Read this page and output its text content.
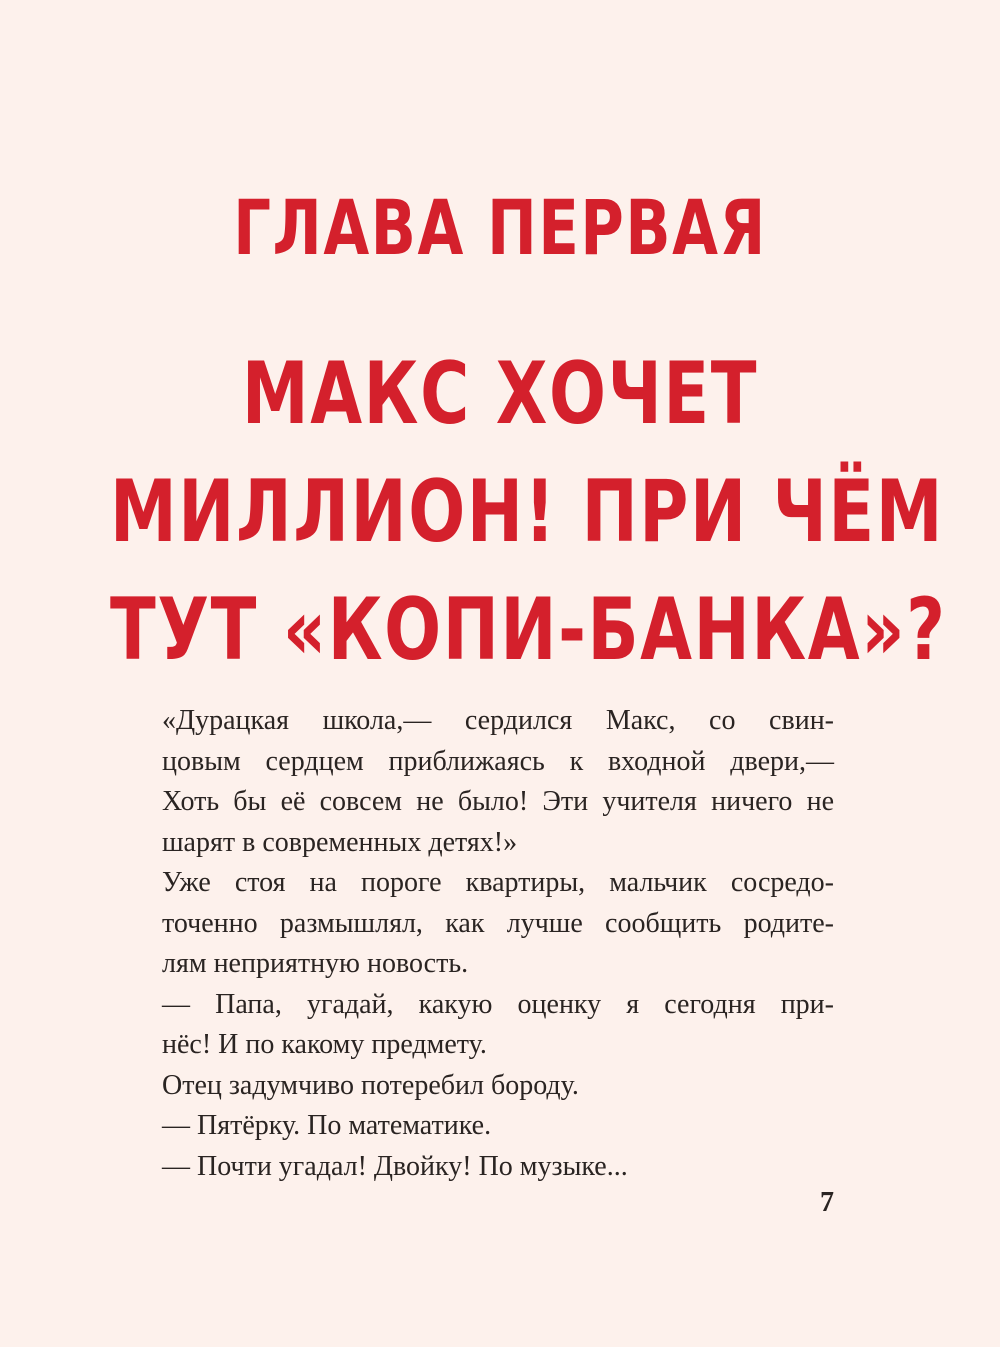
ГЛАВА ПЕРВАЯ
МАКС ХОЧЕТ
МИЛЛИОН! ПРИ ЧЁМ
ТУТ «КОПИ-БАНКА»?

«Дурацкая школа,— сердился Макс, со свин-
цовым сердцем приближаясь к входной двери,—
Хоть бы её совсем не было! Эти учителя ничего не
шарят в современных детях!»

Уже стоя на пороге квартиры, мальчик сосредо-
точенно размышлял, как лучше сообщить родите-
лям неприятную новость.

— Папа, угадай, какую оценку я сегодня при-
нёс! И по какому предмету.

Отец задумчиво потеребил бороду.

— Пятёрку. По математике.

— Почти угадал! Двойку! По музыке...

7
